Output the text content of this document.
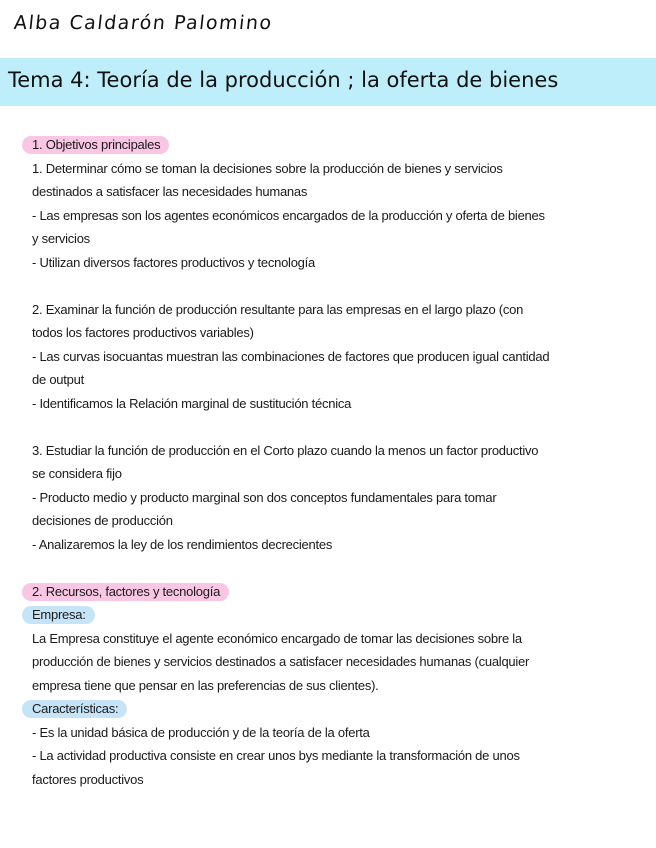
Alba Caldarón Palomino
Tema 4: Teoría de la producción ; la oferta de bienes
1. Objetivos principales
1. Determinar cómo se toman la decisiones sobre la producción de bienes y servicios
destinados a satisfacer las necesidades humanas
- Las empresas son los agentes económicos encargados de la producción y oferta de bienes
y servicios
- Utilizan diversos factores productivos y tecnología
2. Examinar la función de producción resultante para las empresas en el largo plazo (con
todos los factores productivos variables)
- Las curvas isocuantas muestran las combinaciones de factores que producen igual cantidad
de output
- Identificamos la Relación marginal de sustitución técnica
3. Estudiar la función de producción en el Corto plazo cuando la menos un factor productivo
se considera fijo
- Producto medio y producto marginal son dos conceptos fundamentales para tomar
decisiones de producción
- Analizaremos la ley de los rendimientos decrecientes
2. Recursos, factores y tecnología
Empresa:
La Empresa constituye el agente económico encargado de tomar las decisiones sobre la
producción de bienes y servicios destinados a satisfacer necesidades humanas (cualquier
empresa tiene que pensar en las preferencias de sus clientes).
Características:
- Es la unidad básica de producción y de la teoría de la oferta
- La actividad productiva consiste en crear unos bys mediante la transformación de unos
factores productivos
